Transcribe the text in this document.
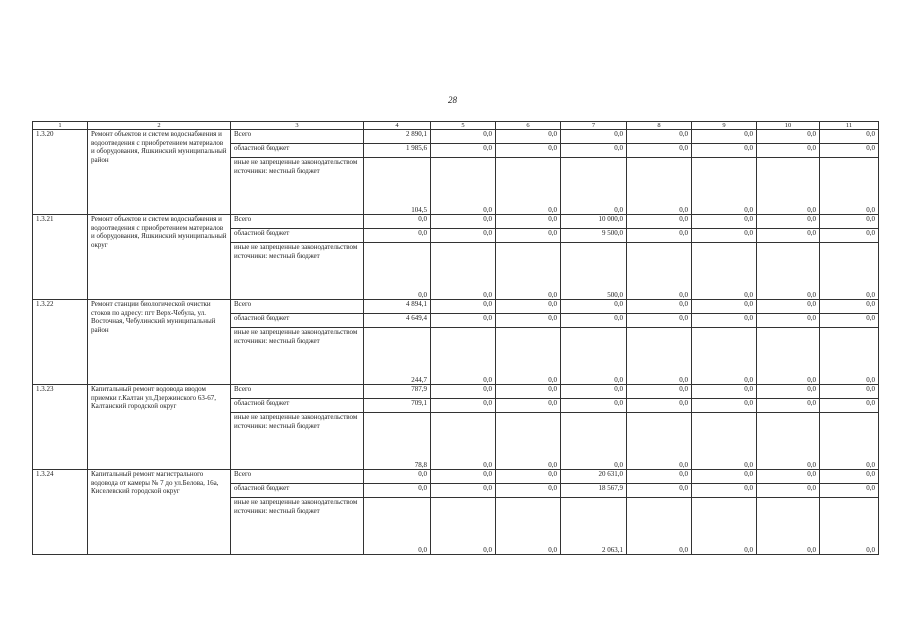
28
1	2	3	4	5	6	7	8	9	10	11
1.3.20	Ремонт объектов и систем водоснабжения и водоотведения с приобретением материалов и оборудования, Яшкинский муниципальный район	Всего	2 890,1	0,0	0,0	0,0	0,0	0,0	0,0	0,0
		областной бюджет	1 985,6	0,0	0,0	0,0	0,0	0,0	0,0	0,0
		иные не запрещенные законодательством источники: местный бюджет	104,5	0,0	0,0	0,0	0,0	0,0	0,0	0,0
1.3.21	Ремонт объектов и систем водоснабжения и водоотведения с приобретением материалов и оборудования, Яшкинский муниципальный округ	Всего	0,0	0,0	0,0	10 000,0	0,0	0,0	0,0	0,0
		областной бюджет	0,0	0,0	0,0	9 500,0	0,0	0,0	0,0	0,0
		иные не запрещенные законодательством источники: местный бюджет	0,0	0,0	0,0	500,0	0,0	0,0	0,0	0,0
1.3.22	Ремонт станции биологической очистки стоков по адресу: пгт Верх-Чебула, ул. Восточная, Чебулинский муниципальный район	Всего	4 894,1	0,0	0,0	0,0	0,0	0,0	0,0	0,0
		областной бюджет	4 649,4	0,0	0,0	0,0	0,0	0,0	0,0	0,0
		иные не запрещенные законодательством источники: местный бюджет	244,7	0,0	0,0	0,0	0,0	0,0	0,0	0,0
1.3.23	Капитальный ремонт водовода вводом приемки г.Калтан ул.Дзержинского 63-67, Калтанский городской округ	Всего	787,9	0,0	0,0	0,0	0,0	0,0	0,0	0,0
		областной бюджет	709,1	0,0	0,0	0,0	0,0	0,0	0,0	0,0
		иные не запрещенные законодательством источники: местный бюджет	78,8	0,0	0,0	0,0	0,0	0,0	0,0	0,0
1.3.24	Капитальный ремонт магистрального водовода от камеры № 7 до ул.Белова, 16а, Киселевский городской округ	Всего	0,0	0,0	0,0	20 631,0	0,0	0,0	0,0	0,0
		областной бюджет	0,0	0,0	0,0	18 567,9	0,0	0,0	0,0	0,0
		иные не запрещенные законодательством источники: местный бюджет	0,0	0,0	0,0	2 063,1	0,0	0,0	0,0	0,0
